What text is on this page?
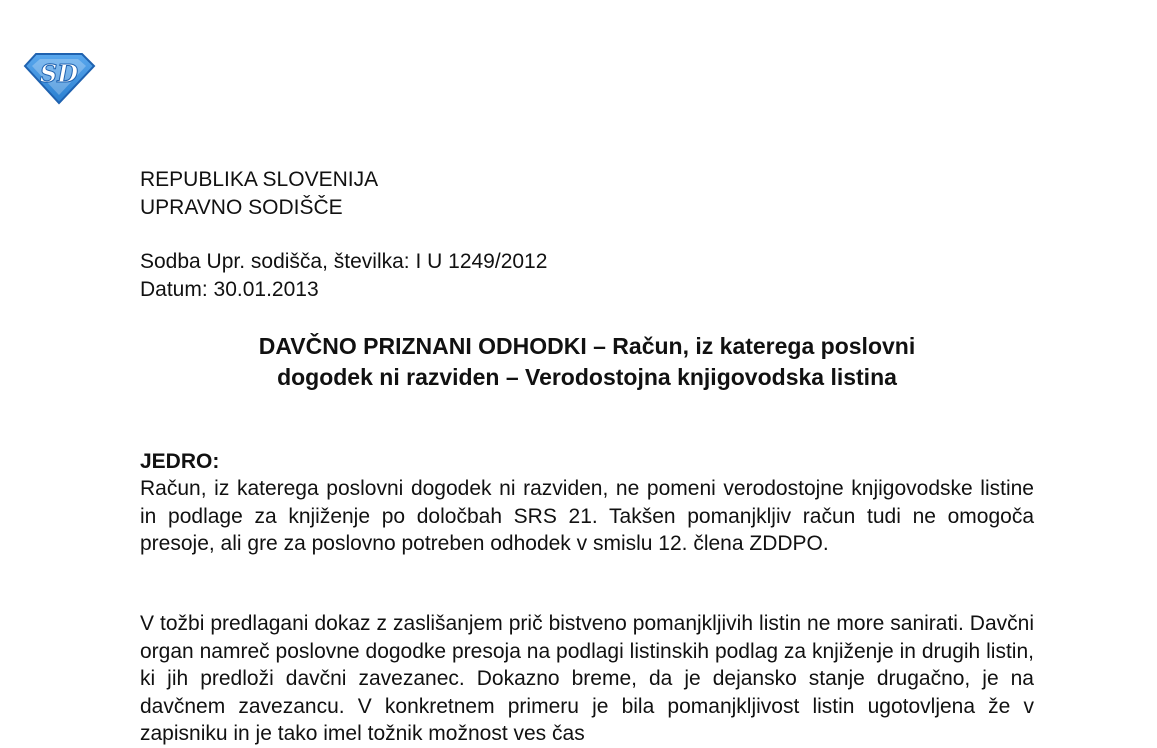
SD
REPUBLIKA SLOVENIJA
UPRAVNO SODIŠČE
Sodba Upr. sodišča, številka: I U 1249/2012
Datum: 30.01.2013
DAVČNO PRIZNANI ODHODKI – Račun, iz katerega poslovni
dogodek ni razviden – Verodostojna knjigovodska listina
JEDRO:

Račun, iz katerega poslovni dogodek ni razviden, ne pomeni verodostojne knjigovodske listine in podlage za knjiženje po določbah SRS 21. Takšen pomanjkljiv račun tudi ne omogoča presoje, ali gre za poslovno potreben odhodek v smislu 12. člena ZDDPO.

V tožbi predlagani dokaz z zaslišanjem prič bistveno pomanjkljivih listin ne more sanirati. Davčni organ namreč poslovne dogodke presoja na podlagi listinskih podlag za knjiženje in drugih listin, ki jih predloži davčni zavezanec. Dokazno breme, da je dejansko stanje drugačno, je na davčnem zavezancu. V konkretnem primeru je bila pomanjkljivost listin ugotovljena že v zapisniku in je tako imel tožnik možnost ves čas
